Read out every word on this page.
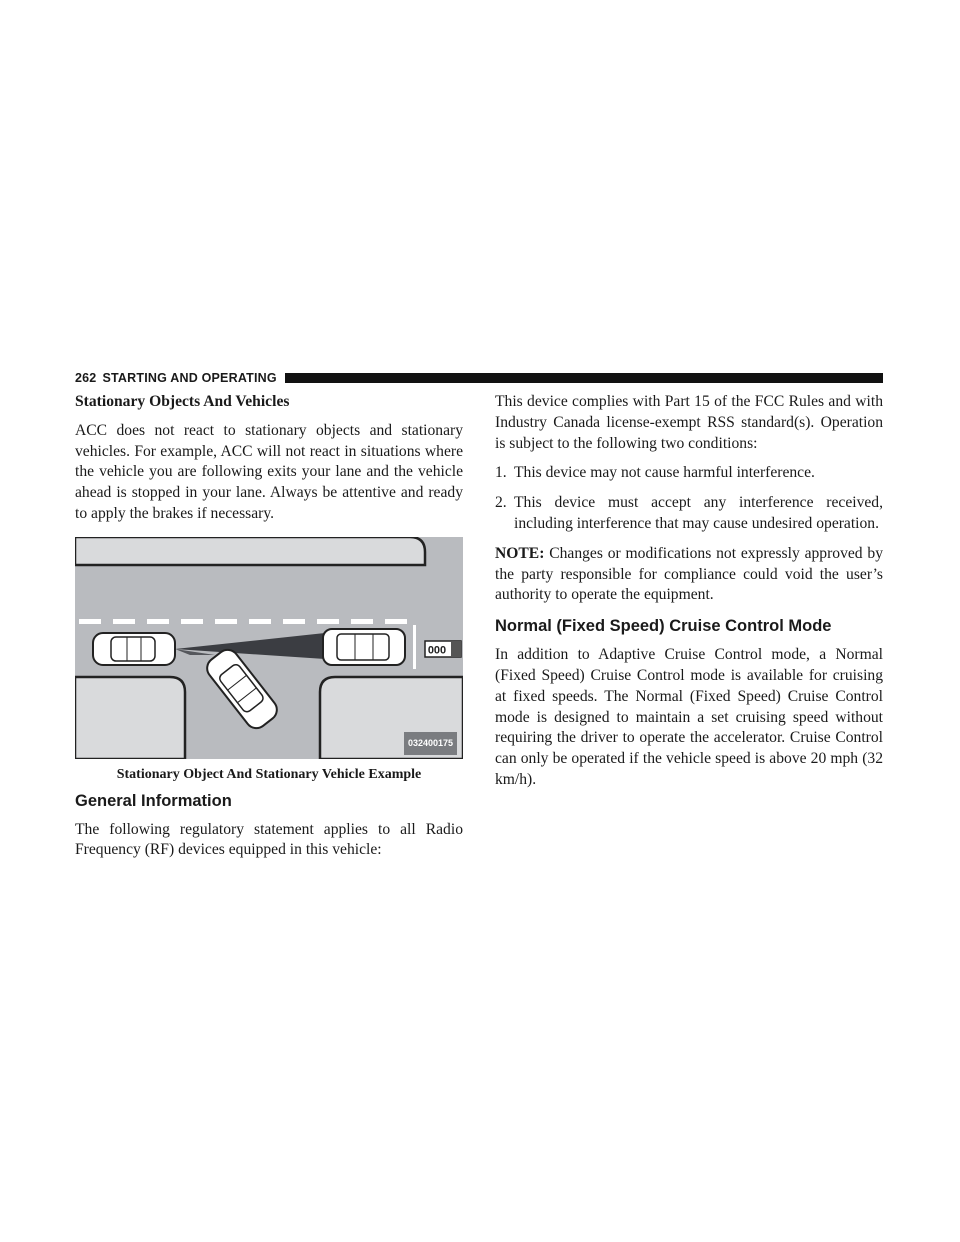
262 STARTING AND OPERATING
Stationary Objects And Vehicles

ACC does not react to stationary objects and stationary vehicles. For example, ACC will not react in situations where the vehicle you are following exits your lane and the vehicle ahead is stopped in your lane. Always be attentive and ready to apply the brakes if necessary.

000
032400175
Stationary Object And Stationary Vehicle Example
General Information

The following regulatory statement applies to all Radio Frequency (RF) devices equipped in this vehicle:

This device complies with Part 15 of the FCC Rules and with Industry Canada license-exempt RSS standard(s). Operation is subject to the following two conditions:

1. This device may not cause harmful interference.
2. This device must accept any interference received, including interference that may cause undesired operation.

NOTE: Changes or modifications not expressly approved by the party responsible for compliance could void the user’s authority to operate the equipment.

Normal (Fixed Speed) Cruise Control Mode

In addition to Adaptive Cruise Control mode, a Normal (Fixed Speed) Cruise Control mode is available for cruising at fixed speeds. The Normal (Fixed Speed) Cruise Control mode is designed to maintain a set cruising speed without requiring the driver to operate the accelerator. Cruise Control can only be operated if the vehicle speed is above 20 mph (32 km/h).
